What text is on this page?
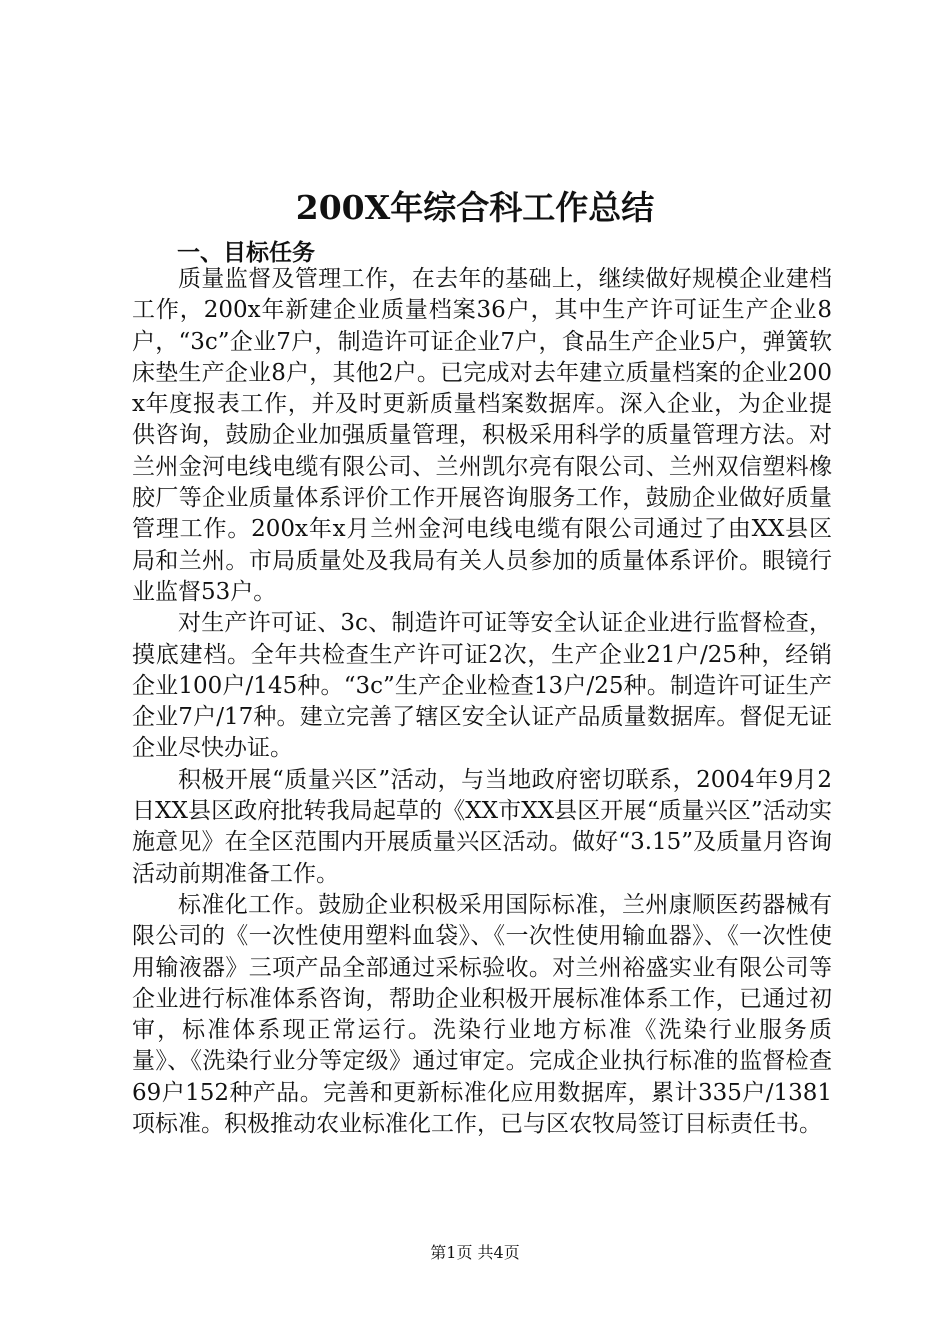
200X年综合科工作总结
一、目标任务

质量监督及管理工作，在去年的基础上，继续做好规模企业建档工作，200x年新建企业质量档案36户，其中生产许可证生产企业8户，“3c”企业7户，制造许可证企业7户，食品生产企业5户，弹簧软床垫生产企业8户，其他2户。已完成对去年建立质量档案的企业200x年度报表工作，并及时更新质量档案数据库。深入企业，为企业提供咨询，鼓励企业加强质量管理，积极采用科学的质量管理方法。对兰州金河电线电缆有限公司、兰州凯尔亮有限公司、兰州双信塑料橡胶厂等企业质量体系评价工作开展咨询服务工作，鼓励企业做好质量管理工作。200x年x月兰州金河电线电缆有限公司通过了由XX县区局和兰州。市局质量处及我局有关人员参加的质量体系评价。眼镜行业监督53户。

对生产许可证、3c、制造许可证等安全认证企业进行监督检查，摸底建档。全年共检查生产许可证2次，生产企业21户/25种，经销企业100户/145种。“3c”生产企业检查13户/25种。制造许可证生产企业7户/17种。建立完善了辖区安全认证产品质量数据库。督促无证企业尽快办证。

积极开展“质量兴区”活动，与当地政府密切联系，2004年9月2日XX县区政府批转我局起草的《XX市XX县区开展“质量兴区”活动实施意见》在全区范围内开展质量兴区活动。做好“3.15”及质量月咨询活动前期准备工作。

标准化工作。鼓励企业积极采用国际标准，兰州康顺医药器械有限公司的《一次性使用塑料血袋》、《一次性使用输血器》、《一次性使用输液器》三项产品全部通过采标验收。对兰州裕盛实业有限公司等企业进行标准体系咨询，帮助企业积极开展标准体系工作，已通过初审，标准体系现正常运行。洗染行业地方标准《洗染行业服务质量》、《洗染行业分等定级》通过审定。完成企业执行标准的监督检查69户152种产品。完善和更新标准化应用数据库，累计335户/1381项标准。积极推动农业标准化工作，已与区农牧局签订目标责任书。

第1页 共4页
